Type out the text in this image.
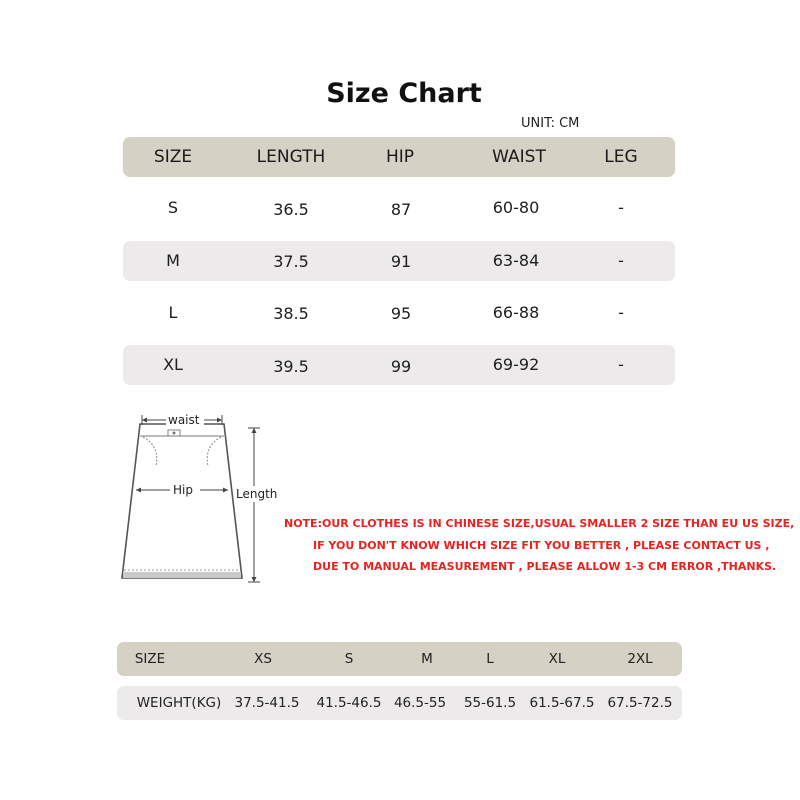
Size Chart
UNIT: CM
SIZE	LENGTH	HIP	WAIST	LEG
S	36.5	87	60-80	-
M	37.5	91	63-84	-
L	38.5	95	66-88	-
XL	39.5	99	69-92	-
waist
Hip	Length
NOTE:OUR CLOTHES IS IN CHINESE SIZE,USUAL SMALLER 2 SIZE THAN EU US SIZE,
IF YOU DON'T KNOW WHICH SIZE FIT YOU BETTER , PLEASE CONTACT US ,
DUE TO MANUAL MEASUREMENT , PLEASE ALLOW 1-3 CM ERROR ,THANKS.
SIZE	XS	S	M	L	XL	2XL
WEIGHT(KG) 37.5-41.5 41.5-46.5 46.5-55 55-61.5 61.5-67.5 67.5-72.5
